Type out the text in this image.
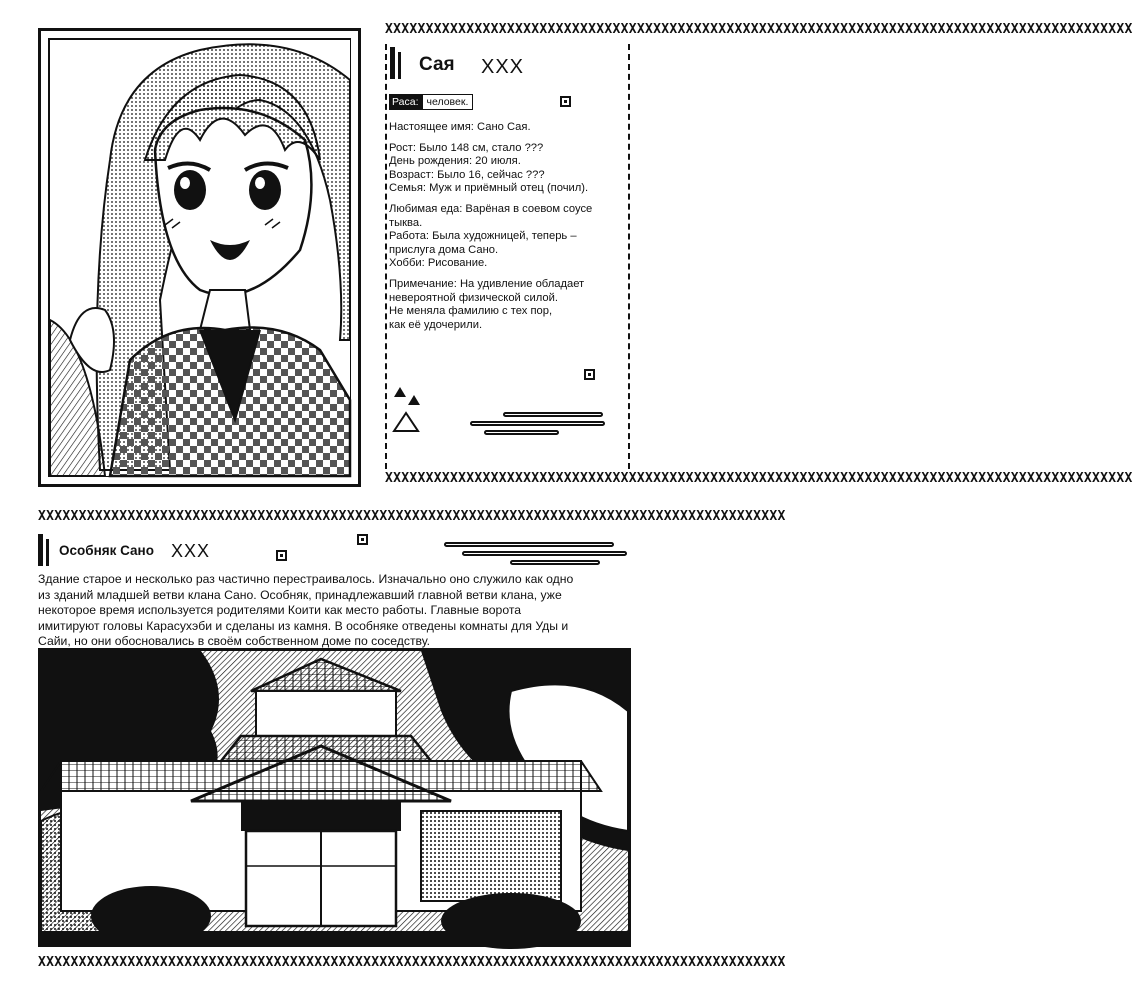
XXXXXXXXXXXXXXXXXXXXXXXXXXXXXXXXXXXXXXXXXXXXXXXXXXXXXXXXXXXXXXXXXXXXXXXXXXXXXXXXXXXXXXXXXXXX
XXXXXXXXXXXXXXXXXXXXXXXXXXXXXXXXXXXXXXXXXXXXXXXXXXXXXXXXXXXXXXXXXXXXXXXXXXXXXXXXXXXXXXXXXXXX
XXXXXXXXXXXXXXXXXXXXXXXXXXXXXXXXXXXXXXXXXXXXXXXXXXXXXXXXXXXXXXXXXXXXXXXXXXXXXXXXXXXXXXXXXXXX
XXXXXXXXXXXXXXXXXXXXXXXXXXXXXXXXXXXXXXXXXXXXXXXXXXXXXXXXXXXXXXXXXXXXXXXXXXXXXXXXXXXXXXXXXXXX
Сая XXX
Раса: человек.

Настоящее имя: Сано Сая.

Рост: Было 148 см, стало ???
День рождения: 20 июля.
Возраст: Было 16, сейчас ???
Семья: Муж и приёмный отец (почил).

Любимая еда: Варёная в соевом соусе
тыква.
Работа: Была художницей, теперь –
прислуга дома Сано.
Хобби: Рисование.

Примечание: На удивление обладает
невероятной физической силой.
Не меняла фамилию с тех пор,
как её удочерили.

Особняк Сано XXX
Здание старое и несколько раз частично перестраивалось. Изначально оно служило как одно
из зданий младшей ветви клана Сано. Особняк, принадлежавший главной ветви клана, уже
некоторое время используется родителями Коити как место работы. Главные ворота
имитируют головы Карасухэби и сделаны из камня. В особняке отведены комнаты для Уды и
Сайи, но они обосновались в своём собственном доме по соседству.
